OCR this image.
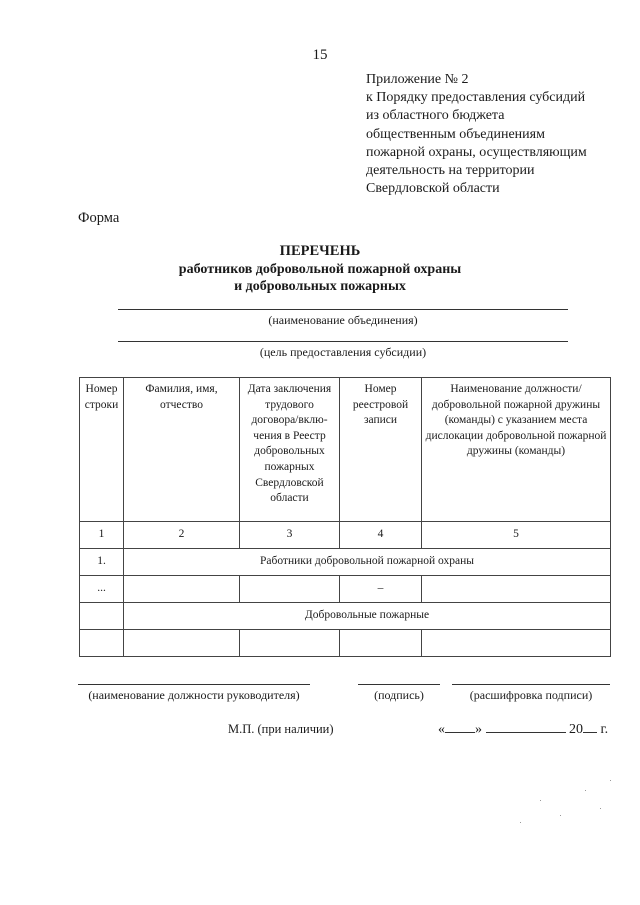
15
Приложение № 2
к Порядку предоставления субсидий
из областного бюджета
общественным объединениям
пожарной охраны, осуществляющим
деятельность на территории
Свердловской области
Форма
ПЕРЕЧЕНЬ
работников добровольной пожарной охраны
и добровольных пожарных
(наименование объединения)
(цель предоставления субсидии)
Номер строки	Фамилия, имя, отчество	Дата заключения трудового договора/вклю-чения в Реестр добровольных пожарных Свердловской области	Номер реестровой записи	Наименование должности/ добровольной пожарной дружины (команды) с указанием места дислокации добровольной пожарной дружины (команды)
1	2	3	4	5
1.	Работники добровольной пожарной охраны			
...			–	
	Добровольные пожарные			

(наименование должности руководителя)	(подпись)	(расшифровка подписи)
М.П. (при наличии)	« »	20 г.
